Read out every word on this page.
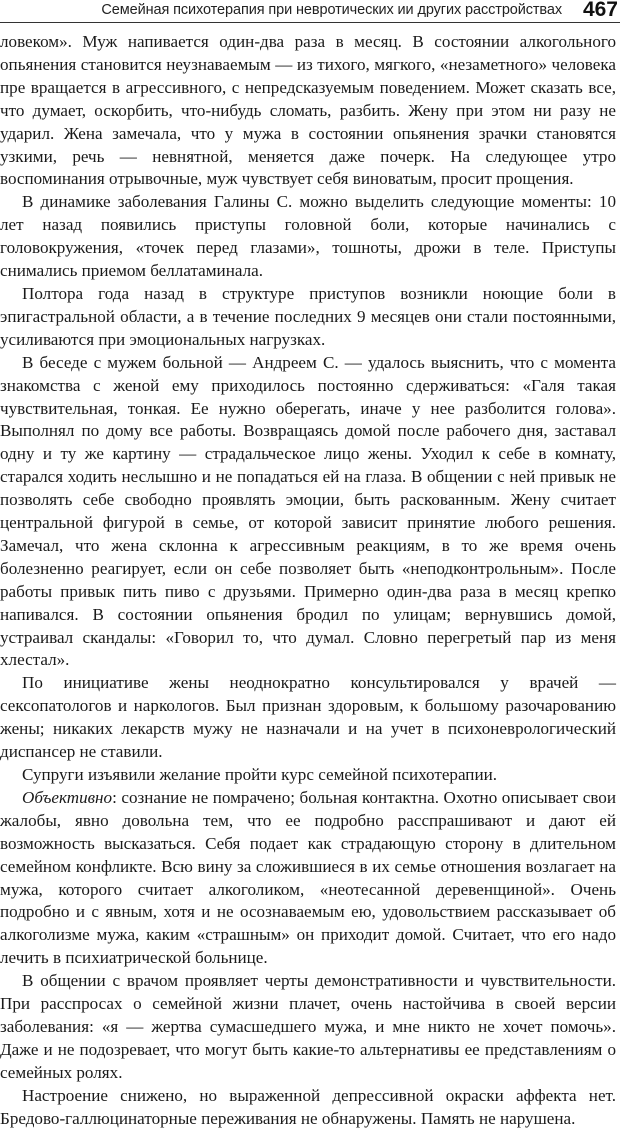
Семейная психотерапия при невротических ии других расстройствах 467

ловеком». Муж напивается один-два раза в месяц. В состоянии алкогольного опьянения становится неузнаваемым — из тихого, мягкого, «незаметного» человека пре вращается в агрессивного, с непредсказуемым поведением. Может сказать все, что думает, оскорбить, что-нибудь сломать, разбить. Жену при этом ни разу не ударил. Жена замечала, что у мужа в состоянии опьянения зрачки становятся узкими, речь — невнятной, меняется даже почерк. На следующее утро воспоминания отрывочные, муж чувствует себя виноватым, просит прощения.

В динамике заболевания Галины С. можно выделить следующие моменты: 10 лет назад появились приступы головной боли, которые начинались с головокружения, «точек перед глазами», тошноты, дрожи в теле. Приступы снимались приемом беллатаминала.

Полтора года назад в структуре приступов возникли ноющие боли в эпигастральной области, а в течение последних 9 месяцев они стали постоянными, усиливаются при эмоциональных нагрузках.

В беседе с мужем больной — Андреем С. — удалось выяснить, что с момента знакомства с женой ему приходилось постоянно сдерживаться: «Галя такая чувствительная, тонкая. Ее нужно оберегать, иначе у нее разболится голова». Выполнял по дому все работы. Возвращаясь домой после рабочего дня, заставал одну и ту же картину — страдальческое лицо жены. Уходил к себе в комнату, старался ходить неслышно и не попадаться ей на глаза. В общении с ней привык не позволять себе свободно проявлять эмоции, быть раскованным. Жену считает центральной фигурой в семье, от которой зависит принятие любого решения. Замечал, что жена склонна к агрессивным реакциям, в то же время очень болезненно реагирует, если он себе позволяет быть «неподконтрольным». После работы привык пить пиво с друзьями. Примерно один-два раза в месяц крепко напивался. В состоянии опьянения бродил по улицам; вернувшись домой, устраивал скандалы: «Говорил то, что думал. Словно перегретый пар из меня хлестал».

По инициативе жены неоднократно консультировался у врачей — сексопатологов и наркологов. Был признан здоровым, к большому разочарованию жены; никаких лекарств мужу не назначали и на учет в психоневрологический диспансер не ставили.

Супруги изъявили желание пройти курс семейной психотерапии.

Объективно: сознание не помрачено; больная контактна. Охотно описывает свои жалобы, явно довольна тем, что ее подробно расспрашивают и дают ей возможность высказаться. Себя подает как страдающую сторону в длительном семейном конфликте. Всю вину за сложившиеся в их семье отношения возлагает на мужа, которого считает алкоголиком, «неотесанной деревенщиной». Очень подробно и с явным, хотя и не осознаваемым ею, удовольствием рассказывает об алкоголизме мужа, каким «страшным» он приходит домой. Считает, что его надо лечить в психиатрической больнице.

В общении с врачом проявляет черты демонстративности и чувствительности. При расспросах о семейной жизни плачет, очень настойчива в своей версии заболевания: «я — жертва сумасшедшего мужа, и мне никто не хочет помочь». Даже и не подозревает, что могут быть какие-то альтернативы ее представлениям о семейных ролях.

Настроение снижено, но выраженной депрессивной окраски аффекта нет. Бредово-галлюцинаторные переживания не обнаружены. Память не нарушена.
